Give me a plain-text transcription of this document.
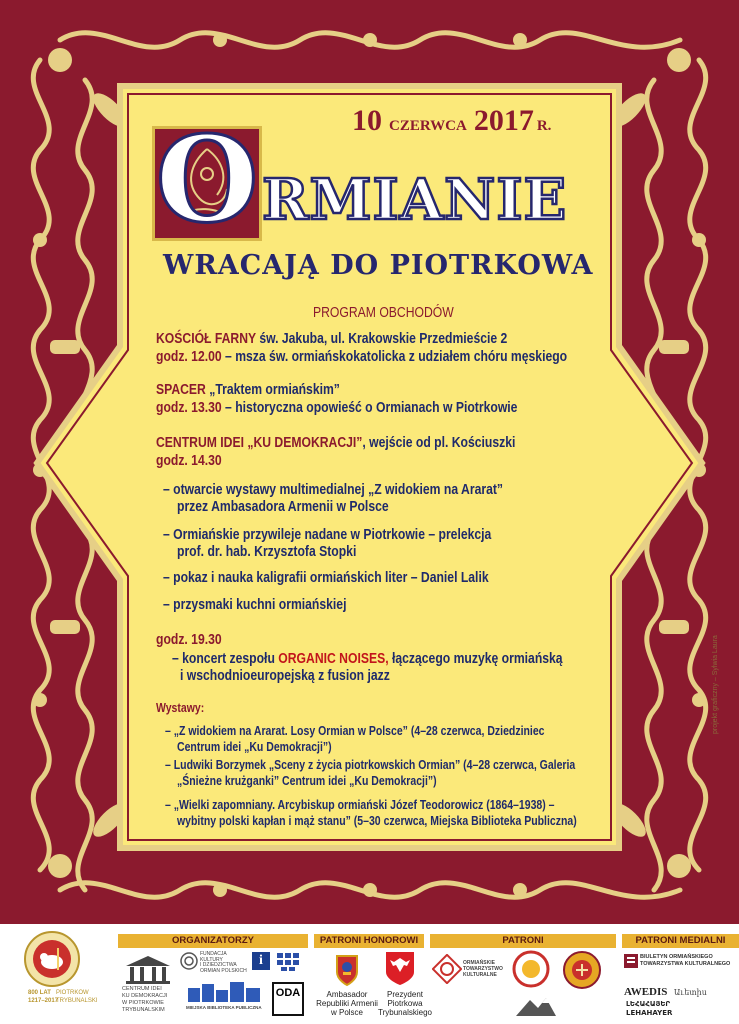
10 CZERWCA 2017 R.
O RMIANIE
WRACAJĄ DO PIOTRKOWA
PROGRAM OBCHODÓW
KOŚCIÓŁ FARNY św. Jakuba, ul. Krakowskie Przedmieście 2
godz. 12.00 – msza św. ormiańskokatolicka z udziałem chóru męskiego
SPACER „Traktem ormiańskim”
godz. 13.30 – historyczna opowieść o Ormianach w Piotrkowie
CENTRUM IDEI „KU DEMOKRACJI”, wejście od pl. Kościuszki
godz. 14.30
– otwarcie wystawy multimedialnej „Z widokiem na Ararat”
przez Ambasadora Armenii w Polsce
– Ormiańskie przywileje nadane w Piotrkowie – prelekcja
prof. dr. hab. Krzysztofa Stopki
– pokaz i nauka kaligrafii ormiańskich liter – Daniel Lalik
– przysmaki kuchni ormiańskiej
godz. 19.30
– koncert zespołu ORGANIC NOISES, łączącego muzykę ormiańską
i wschodnioeuropejską z fusion jazz
Wystawy:
– „Z widokiem na Ararat. Losy Ormian w Polsce” (4–28 czerwca, Dziedziniec
Centrum idei „Ku Demokracji”)
– Ludwiki Borzymek „Sceny z życia piotrkowskich Ormian” (4–28 czerwca, Galeria
„Śnieżne krużganki” Centrum idei „Ku Demokracji”)
– „Wielki zapomniany. Arcybiskup ormiański Józef Teodorowicz (1864–1938) –
wybitny polski kapłan i mąż stanu” (5–30 czerwca, Miejska Biblioteka Publiczna)
projekt graficzny – Sylwia Laura
ORGANIZATORZY	PATRONI HONOROWI	PATRONI	PATRONI MEDIALNI
800 LAT
1217–2017
PIOTRKOW
TRYBUNALSKI
CENTRUM IDEI
KU DEMOKRACJI
W PIOTRKOWIE
TRYBUNALSKIM
FUNDACJA
KULTURY
I DZIEDZICTWA
ORMIAN POLSKICH
i
MIEJSKA BIBLIOTEKA PUBLICZNA
ODA	Ambasador
Republiki Armenii
w Polsce
Prezydent
Piotrkowa
Trybunalskiego
ORMIAŃSKIE
TOWARZYSTWO
KULTURALNE
BIULETYN ORMIAŃSKIEGO
TOWARZYSTWA KULTURALNEGO
AWEDIS Աւետիս
ԼԵՀԱՀԱՅԵՐ
LEHAHAYER
